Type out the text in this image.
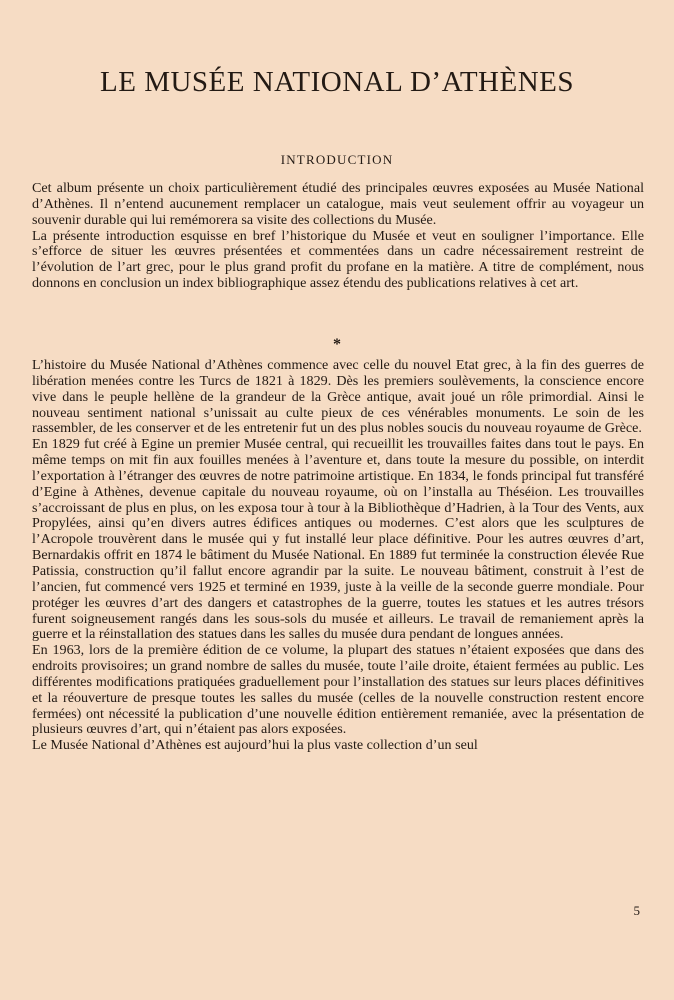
LE MUSÉE NATIONAL D’ATHÈNES
INTRODUCTION

Cet album présente un choix particulièrement étudié des principales œuvres exposées au Musée National d’Athènes. Il n’entend aucunement remplacer un catalogue, mais veut seulement offrir au voyageur un souvenir durable qui lui remémorera sa visite des collections du Musée.

La présente introduction esquisse en bref l’historique du Musée et veut en souligner l’importance. Elle s’efforce de situer les œuvres présentées et commentées dans un cadre nécessairement restreint de l’évolution de l’art grec, pour le plus grand profit du profane en la matière. A titre de complément, nous donnons en conclusion un index bibliographique assez étendu des publications relatives à cet art.

*

L’histoire du Musée National d’Athènes commence avec celle du nouvel Etat grec, à la fin des guerres de libération menées contre les Turcs de 1821 à 1829. Dès les premiers soulèvements, la conscience encore vive dans le peuple hellène de la grandeur de la Grèce antique, avait joué un rôle primordial. Ainsi le nouveau sentiment national s’unissait au culte pieux de ces vénérables monuments. Le soin de les rassembler, de les conserver et de les entretenir fut un des plus nobles soucis du nouveau royaume de Grèce.

En 1829 fut créé à Egine un premier Musée central, qui recueillit les trouvailles faites dans tout le pays. En même temps on mit fin aux fouilles menées à l’aventure et, dans toute la mesure du possible, on interdit l’exportation à l’étranger des œuvres de notre patrimoine artistique. En 1834, le fonds principal fut transféré d’Egine à Athènes, devenue capitale du nouveau royaume, où on l’installa au Théséion. Les trouvailles s’accroissant de plus en plus, on les exposa tour à tour à la Bibliothèque d’Hadrien, à la Tour des Vents, aux Propylées, ainsi qu’en divers autres édifices antiques ou modernes. C’est alors que les sculptures de l’Acropole trouvèrent dans le musée qui y fut installé leur place définitive. Pour les autres œuvres d’art, Bernardakis offrit en 1874 le bâtiment du Musée National. En 1889 fut terminée la construction élevée Rue Patissia, construction qu’il fallut encore agrandir par la suite. Le nouveau bâtiment, construit à l’est de l’ancien, fut commencé vers 1925 et terminé en 1939, juste à la veille de la seconde guerre mondiale. Pour protéger les œuvres d’art des dangers et catastrophes de la guerre, toutes les statues et les autres trésors furent soigneusement rangés dans les sous-sols du musée et ailleurs. Le travail de remaniement après la guerre et la réinstallation des statues dans les salles du musée dura pendant de longues années.

En 1963, lors de la première édition de ce volume, la plupart des statues n’étaient exposées que dans des endroits provisoires; un grand nombre de salles du musée, toute l’aile droite, étaient fermées au public. Les différentes modifications pratiquées graduellement pour l’installation des statues sur leurs places définitives et la réouverture de presque toutes les salles du musée (celles de la nouvelle construction restent encore fermées) ont nécessité la publication d’une nouvelle édition entièrement remaniée, avec la présentation de plusieurs œuvres d’art, qui n’étaient pas alors exposées.

Le Musée National d’Athènes est aujourd’hui la plus vaste collection d’un seul

5
